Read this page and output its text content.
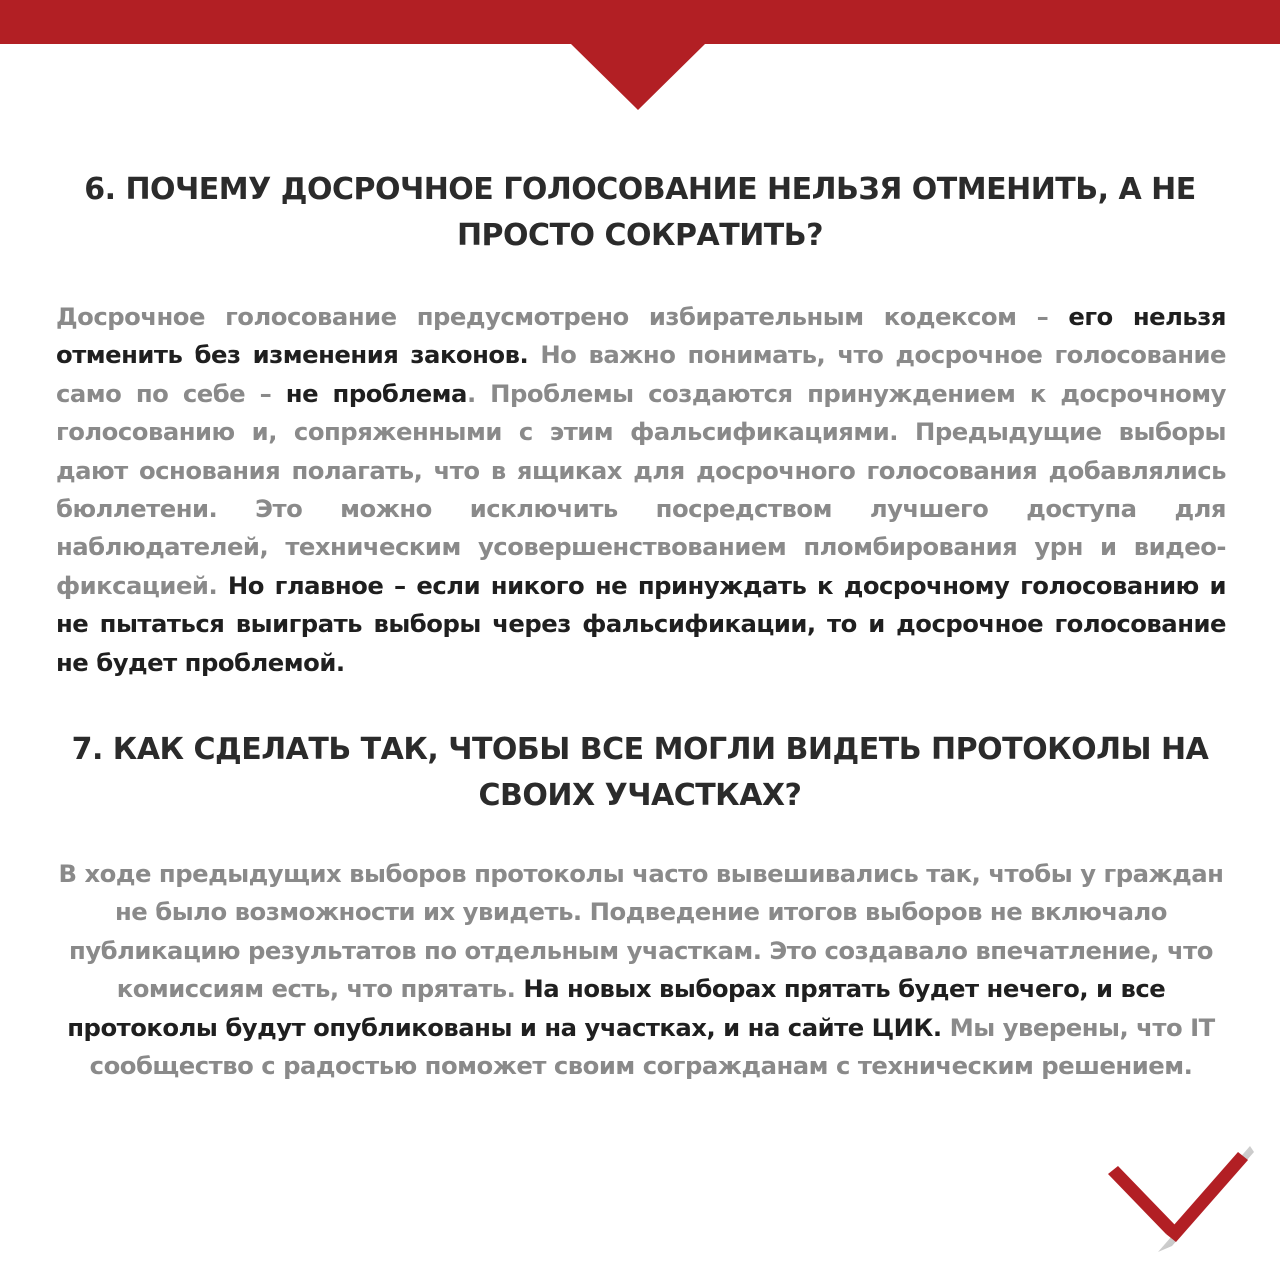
6. ПОЧЕМУ ДОСРОЧНОЕ ГОЛОСОВАНИЕ НЕЛЬЗЯ ОТМЕНИТЬ, А НЕ ПРОСТО СОКРАТИТЬ?

Досрочное голосование предусмотрено избирательным кодексом – его нельзя отменить без изменения законов. Но важно понимать, что досрочное голосование само по себе – не проблема. Проблемы создаются принуждением к досрочному голосованию и, сопряженными с этим фальсификациями. Предыдущие выборы дают основания полагать, что в ящиках для досрочного голосования добавлялись бюллетени. Это можно исключить посредством лучшего доступа для наблюдателей, техническим усовершенствованием пломбирования урн и видео-фиксацией. Но главное – если никого не принуждать к досрочному голосованию и не пытаться выиграть выборы через фальсификации, то и досрочное голосование не будет проблемой.

7. КАК СДЕЛАТЬ ТАК, ЧТОБЫ ВСЕ МОГЛИ ВИДЕТЬ ПРОТОКОЛЫ НА СВОИХ УЧАСТКАХ?

В ходе предыдущих выборов протоколы часто вывешивались так, чтобы у граждан не было возможности их увидеть. Подведение итогов выборов не включало публикацию результатов по отдельным участкам. Это создавало впечатление, что комиссиям есть, что прятать. На новых выборах прятать будет нечего, и все протоколы будут опубликованы и на участках, и на сайте ЦИК. Мы уверены, что IT сообщество с радостью поможет своим согражданам с техническим решением.
